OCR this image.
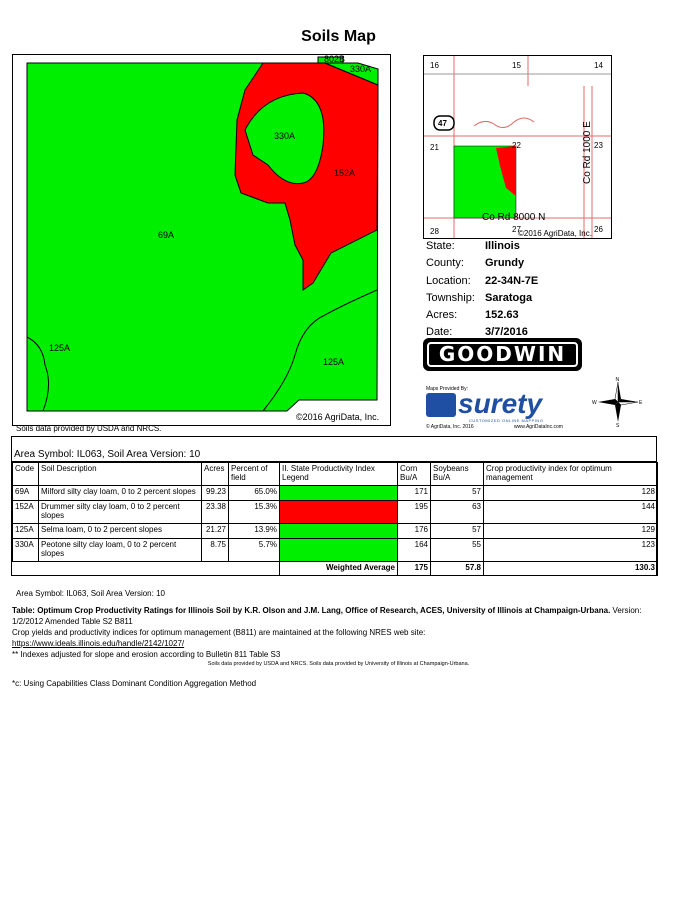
Soils Map
802B
330A
330A
152A
69A
125A
125A
©2016 AgriData, Inc.
Soils data provided by USDA and NRCS.
16	15	14
21	22	23
28	27	26
47
Co Rd 8000 N
Co Rd 1000 E
©2016 AgriData, Inc.
State:	Illinois
County:	Grundy
Location:	22-34N-7E
Township: Saratoga
Acres:	152.63
Date:	3/7/2016
GOODWIN
Maps Provided By:
surety
CUSTOMIZED ONLINE MAPPING
© AgriData, Inc. 2016	www.AgriDataInc.com
N
S
E
W
Area Symbol: IL063, Soil Area Version: 10
Code	Soil Description	Acres	Percent of field	II. State Productivity Index Legend	Corn Bu/A	Soybeans Bu/A	Crop productivity index for optimum management
69A	Milford silty clay loam, 0 to 2 percent slopes	99.23	65.0%		171	57	128
152A	Drummer silty clay loam, 0 to 2 percent slopes	23.38	15.3%		195	63	144
125A	Selma loam, 0 to 2 percent slopes	21.27	13.9%		176	57	129
330A	Peotone silty clay loam, 0 to 2 percent slopes	8.75	5.7%		164	55	123
				Weighted Average	175	57.8	130.3
Area Symbol: IL063, Soil Area Version: 10
Table: Optimum Crop Productivity Ratings for Illinois Soil by K.R. Olson and J.M. Lang, Office of Research, ACES, University of Illinois at Champaign-Urbana. Version: 1/2/2012 Amended Table S2 B811
Crop yields and productivity indices for optimum management (B811) are maintained at the following NRES web site:
https://www.ideals.illinois.edu/handle/2142/1027/
** Indexes adjusted for slope and erosion according to Bulletin 811 Table S3
Soils data provided by USDA and NRCS. Soils data provided by University of Illinois at Champaign-Urbana.
*c: Using Capabilities Class Dominant Condition Aggregation Method
